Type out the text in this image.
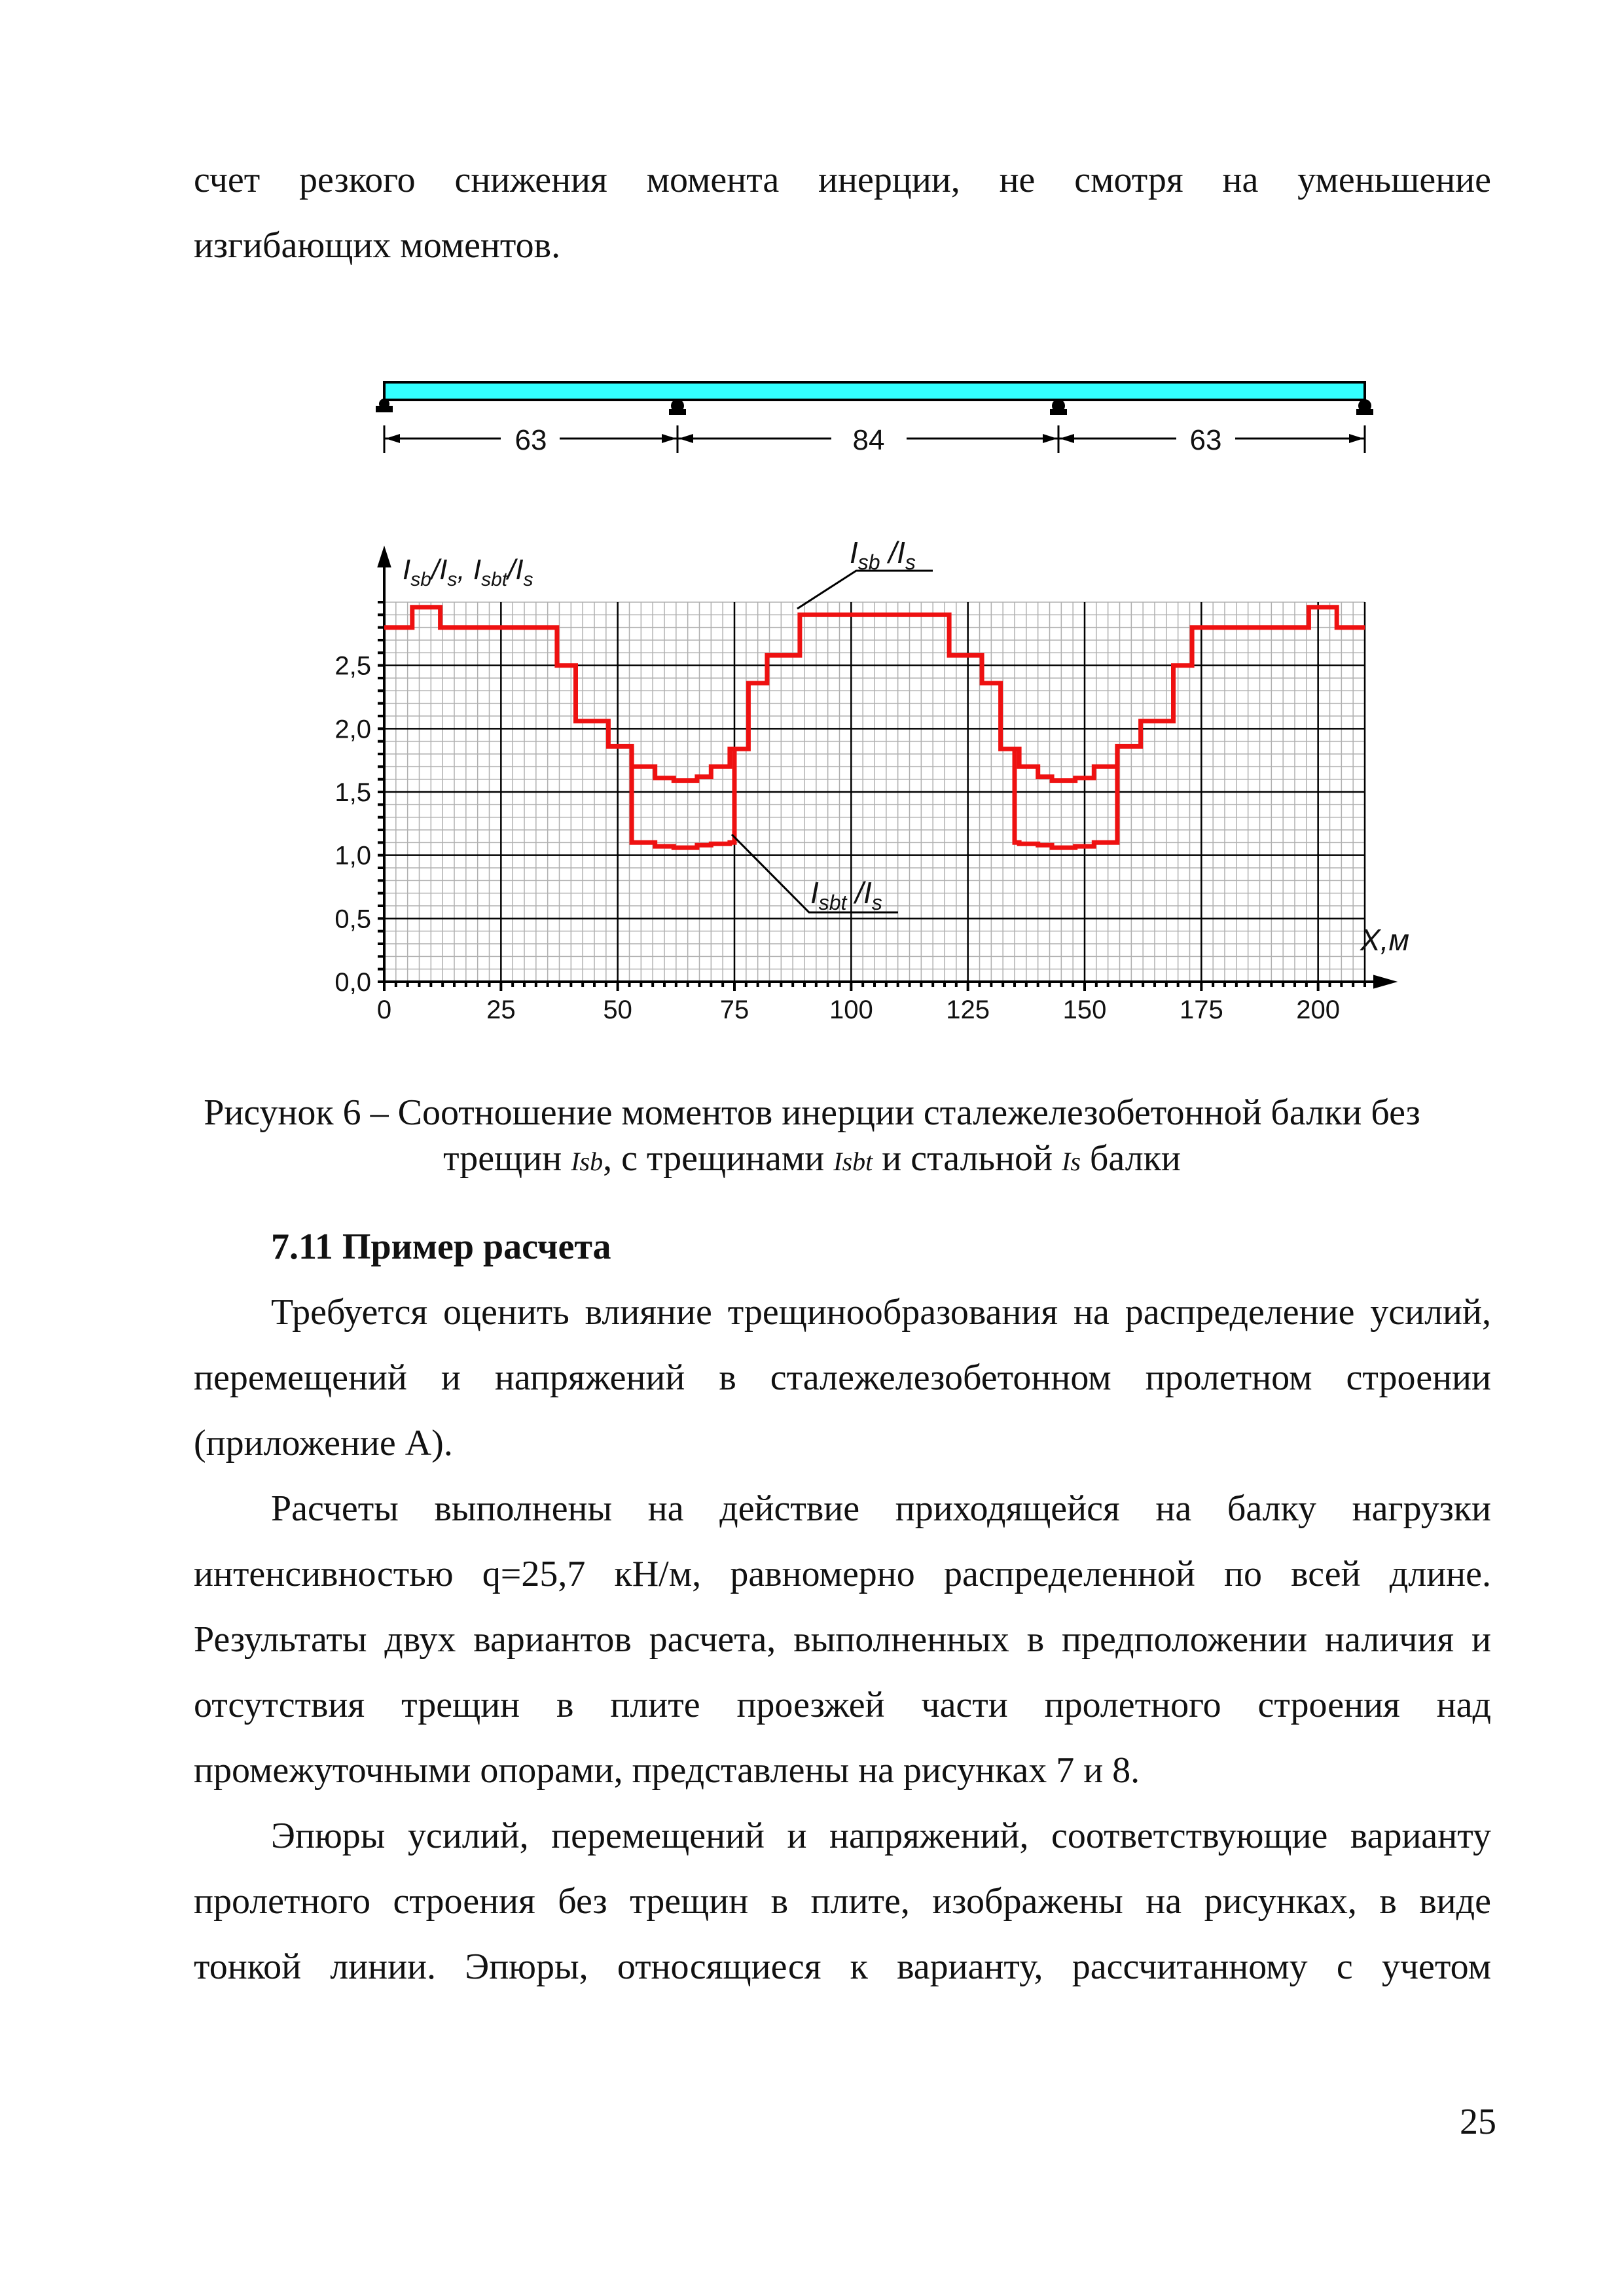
счет резкого снижения момента инерции, не смотря на уменьшение
изгибающих моментов.
63	84	63
0	25	50	75	100	125	150	175	200
0,0
0,5
1,0
1,5
2,0
2,5
$I_{sb}/I_s$, $I_{sbt}/I_s$
$I_{sb}$ $/I_s$
$I_{sbt}$ $/I_s$
X,м
Рисунок 6 – Соотношение моментов инерции сталежелезобетонной балки без
трещин Isb, с трещинами Isbt и стальной Is балки
7.11 Пример расчета
Требуется оценить влияние трещинообразования на распределение усилий,
перемещений и напряжений в сталежелезобетонном пролетном строении
(приложение А).
Расчеты выполнены на действие приходящейся на балку нагрузки
интенсивностью q=25,7 кН/м, равномерно распределенной по всей длине.
Результаты двух вариантов расчета, выполненных в предположении наличия и
отсутствия трещин в плите проезжей части пролетного строения над
промежуточными опорами, представлены на рисунках 7 и 8.
Эпюры усилий, перемещений и напряжений, соответствующие варианту
пролетного строения без трещин в плите, изображены на рисунках, в виде
тонкой линии. Эпюры, относящиеся к варианту, рассчитанному с учетом
25
